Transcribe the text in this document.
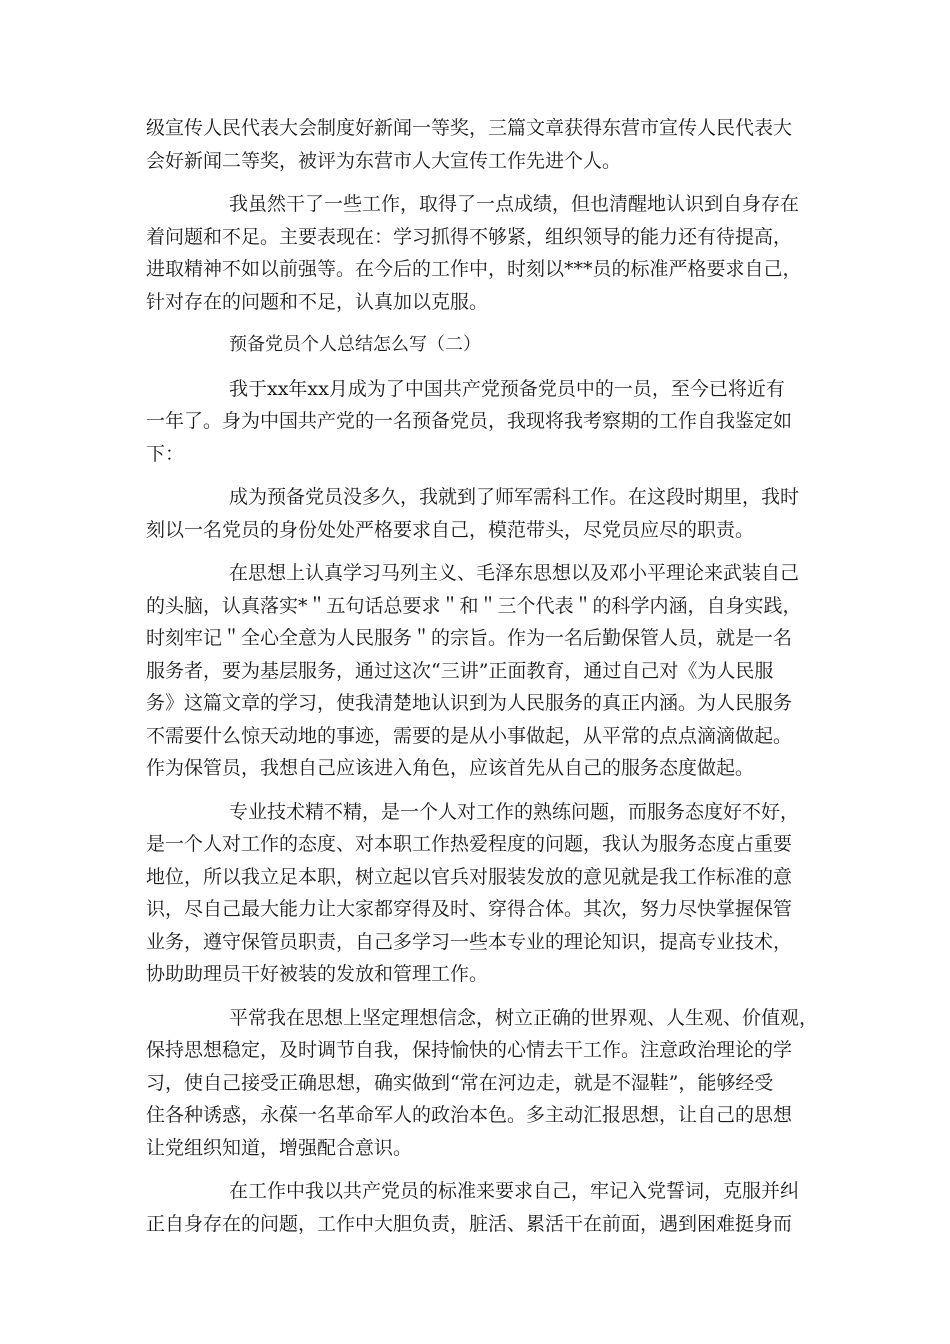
级宣传人民代表大会制度好新闻一等奖，三篇文章获得东营市宣传人民代表大
会好新闻二等奖，被评为东营市人大宣传工作先进个人。

我虽然干了一些工作，取得了一点成绩，但也清醒地认识到自身存在
着问题和不足。主要表现在：学习抓得不够紧，组织领导的能力还有待提高，
进取精神不如以前强等。在今后的工作中，时刻以***员的标准严格要求自己，
针对存在的问题和不足，认真加以克服。

预备党员个人总结怎么写（二）

我于xx年xx月成为了中国共产党预备党员中的一员，至今已将近有
一年了。身为中国共产党的一名预备党员，我现将我考察期的工作自我鉴定如
下：

成为预备党员没多久，我就到了师军需科工作。在这段时期里，我时
刻以一名党员的身份处处严格要求自己，模范带头，尽党员应尽的职责。

在思想上认真学习马列主义、毛泽东思想以及邓小平理论来武装自己
的头脑，认真落实*＂五句话总要求＂和＂三个代表＂的科学内涵，自身实践，
时刻牢记＂全心全意为人民服务＂的宗旨。作为一名后勤保管人员，就是一名
服务者，要为基层服务，通过这次“三讲”正面教育，通过自己对《为人民服
务》这篇文章的学习，使我清楚地认识到为人民服务的真正内涵。为人民服务
不需要什么惊天动地的事迹，需要的是从小事做起，从平常的点点滴滴做起。
作为保管员，我想自己应该进入角色，应该首先从自己的服务态度做起。

专业技术精不精，是一个人对工作的熟练问题，而服务态度好不好，
是一个人对工作的态度、对本职工作热爱程度的问题，我认为服务态度占重要
地位，所以我立足本职，树立起以官兵对服装发放的意见就是我工作标准的意
识，尽自己最大能力让大家都穿得及时、穿得合体。其次，努力尽快掌握保管
业务，遵守保管员职责，自己多学习一些本专业的理论知识，提高专业技术，
协助助理员干好被装的发放和管理工作。

平常我在思想上坚定理想信念，树立正确的世界观、人生观、价值观，
保持思想稳定，及时调节自我，保持愉快的心情去干工作。注意政治理论的学
习，使自己接受正确思想，确实做到“常在河边走，就是不湿鞋”，能够经受
住各种诱惑，永葆一名革命军人的政治本色。多主动汇报思想，让自己的思想
让党组织知道，增强配合意识。

在工作中我以共产党员的标准来要求自己，牢记入党誓词，克服并纠
正自身存在的问题，工作中大胆负责，脏活、累活干在前面，遇到困难挺身而
